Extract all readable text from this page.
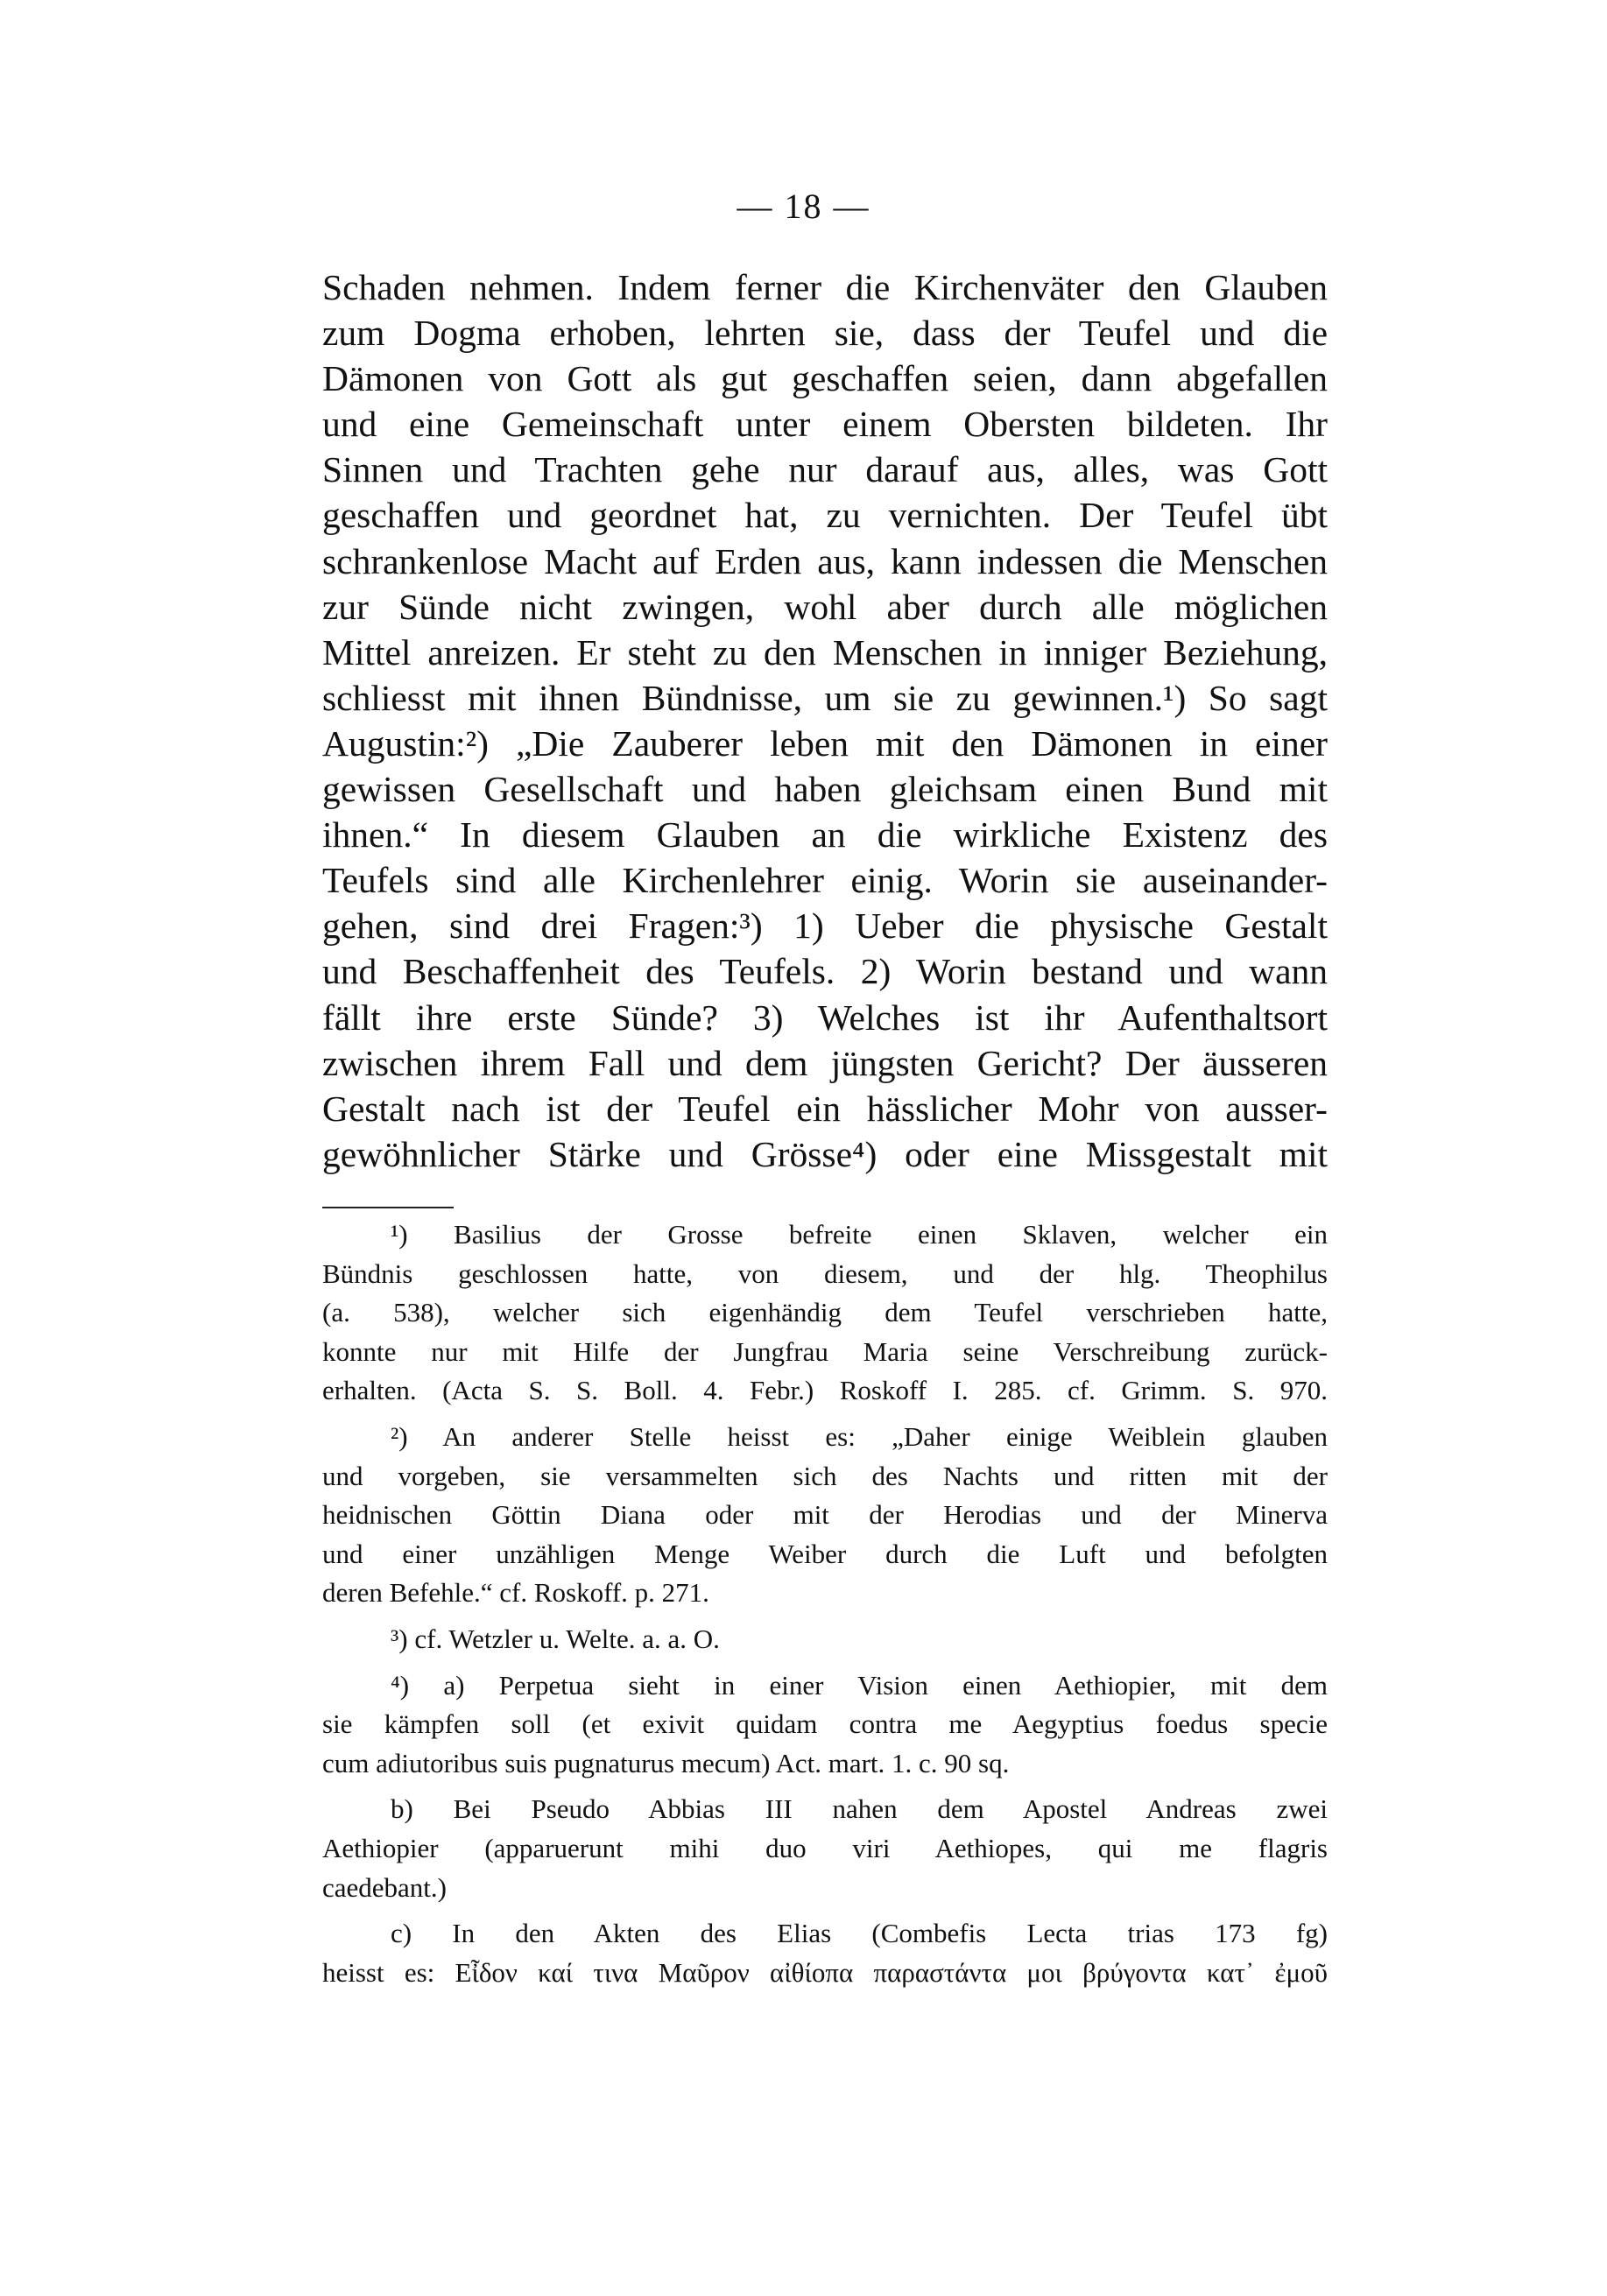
— 18 —
Schaden nehmen. Indem ferner die Kirchenväter den Glauben
zum Dogma erhoben, lehrten sie, dass der Teufel und die
Dämonen von Gott als gut geschaffen seien, dann abgefallen
und eine Gemeinschaft unter einem Obersten bildeten. Ihr
Sinnen und Trachten gehe nur darauf aus, alles, was Gott
geschaffen und geordnet hat, zu vernichten. Der Teufel übt
schrankenlose Macht auf Erden aus, kann indessen die Menschen
zur Sünde nicht zwingen, wohl aber durch alle möglichen
Mittel anreizen. Er steht zu den Menschen in inniger Beziehung,
schliesst mit ihnen Bündnisse, um sie zu gewinnen.¹) So sagt
Augustin:²) „Die Zauberer leben mit den Dämonen in einer
gewissen Gesellschaft und haben gleichsam einen Bund mit
ihnen.“ In diesem Glauben an die wirkliche Existenz des
Teufels sind alle Kirchenlehrer einig. Worin sie auseinander-
gehen, sind drei Fragen:³) 1) Ueber die physische Gestalt
und Beschaffenheit des Teufels. 2) Worin bestand und wann
fällt ihre erste Sünde? 3) Welches ist ihr Aufenthaltsort
zwischen ihrem Fall und dem jüngsten Gericht? Der äusseren
Gestalt nach ist der Teufel ein hässlicher Mohr von ausser-
gewöhnlicher Stärke und Grösse⁴) oder eine Missgestalt mit
¹) Basilius der Grosse befreite einen Sklaven, welcher ein
Bündnis geschlossen hatte, von diesem, und der hlg. Theophilus
(a. 538), welcher sich eigenhändig dem Teufel verschrieben hatte,
konnte nur mit Hilfe der Jungfrau Maria seine Verschreibung zurück-
erhalten. (Acta S. S. Boll. 4. Febr.) Roskoff I. 285. cf. Grimm. S. 970.
²) An anderer Stelle heisst es: „Daher einige Weiblein glauben
und vorgeben, sie versammelten sich des Nachts und ritten mit der
heidnischen Göttin Diana oder mit der Herodias und der Minerva
und einer unzähligen Menge Weiber durch die Luft und befolgten
deren Befehle.“ cf. Roskoff. p. 271.
³) cf. Wetzler u. Welte. a. a. O.
⁴) a) Perpetua sieht in einer Vision einen Aethiopier, mit dem
sie kämpfen soll (et exivit quidam contra me Aegyptius foedus specie
cum adiutoribus suis pugnaturus mecum) Act. mart. 1. c. 90 sq.
b) Bei Pseudo Abbias III nahen dem Apostel Andreas zwei
Aethiopier (apparuerunt mihi duo viri Aethiopes, qui me flagris
caedebant.)
c) In den Akten des Elias (Combefis Lecta trias 173 fg)
heisst es: Εἶδον καί τινα Μαῦρον αἰθίοπα παραστάντα μοι βρύγοντα κατ᾽ ἐμοῦ
